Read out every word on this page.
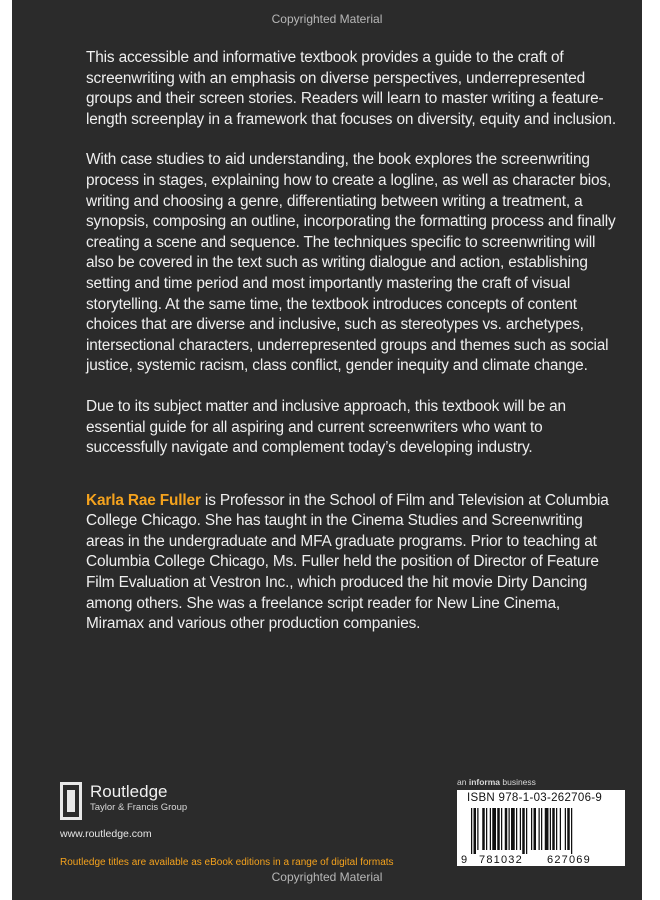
Copyrighted Material

This accessible and informative textbook provides a guide to the craft of screenwriting with an emphasis on diverse perspectives, underrepresented groups and their screen stories. Readers will learn to master writing a feature-length screenplay in a framework that focuses on diversity, equity and inclusion.

With case studies to aid understanding, the book explores the screenwriting process in stages, explaining how to create a logline, as well as character bios, writing and choosing a genre, differentiating between writing a treatment, a synopsis, composing an outline, incorporating the formatting process and finally creating a scene and sequence. The techniques specific to screenwriting will also be covered in the text such as writing dialogue and action, establishing setting and time period and most importantly mastering the craft of visual storytelling. At the same time, the textbook introduces concepts of content choices that are diverse and inclusive, such as stereotypes vs. archetypes, intersectional characters, underrepresented groups and themes such as social justice, systemic racism, class conflict, gender inequity and climate change.

Due to its subject matter and inclusive approach, this textbook will be an essential guide for all aspiring and current screenwriters who want to successfully navigate and complement today’s developing industry.

Karla Rae Fuller is Professor in the School of Film and Television at Columbia College Chicago. She has taught in the Cinema Studies and Screenwriting areas in the undergraduate and MFA graduate programs. Prior to teaching at Columbia College Chicago, Ms. Fuller held the position of Director of Feature Film Evaluation at Vestron Inc., which produced the hit movie Dirty Dancing among others. She was a freelance script reader for New Line Cinema, Miramax and various other production companies.

Routledge
Taylor & Francis Group
www.routledge.com
Routledge titles are available as eBook editions in a range of digital formats
an informa business
ISBN 978-1-03-262706-9
9 781032 627069
Copyrighted Material
